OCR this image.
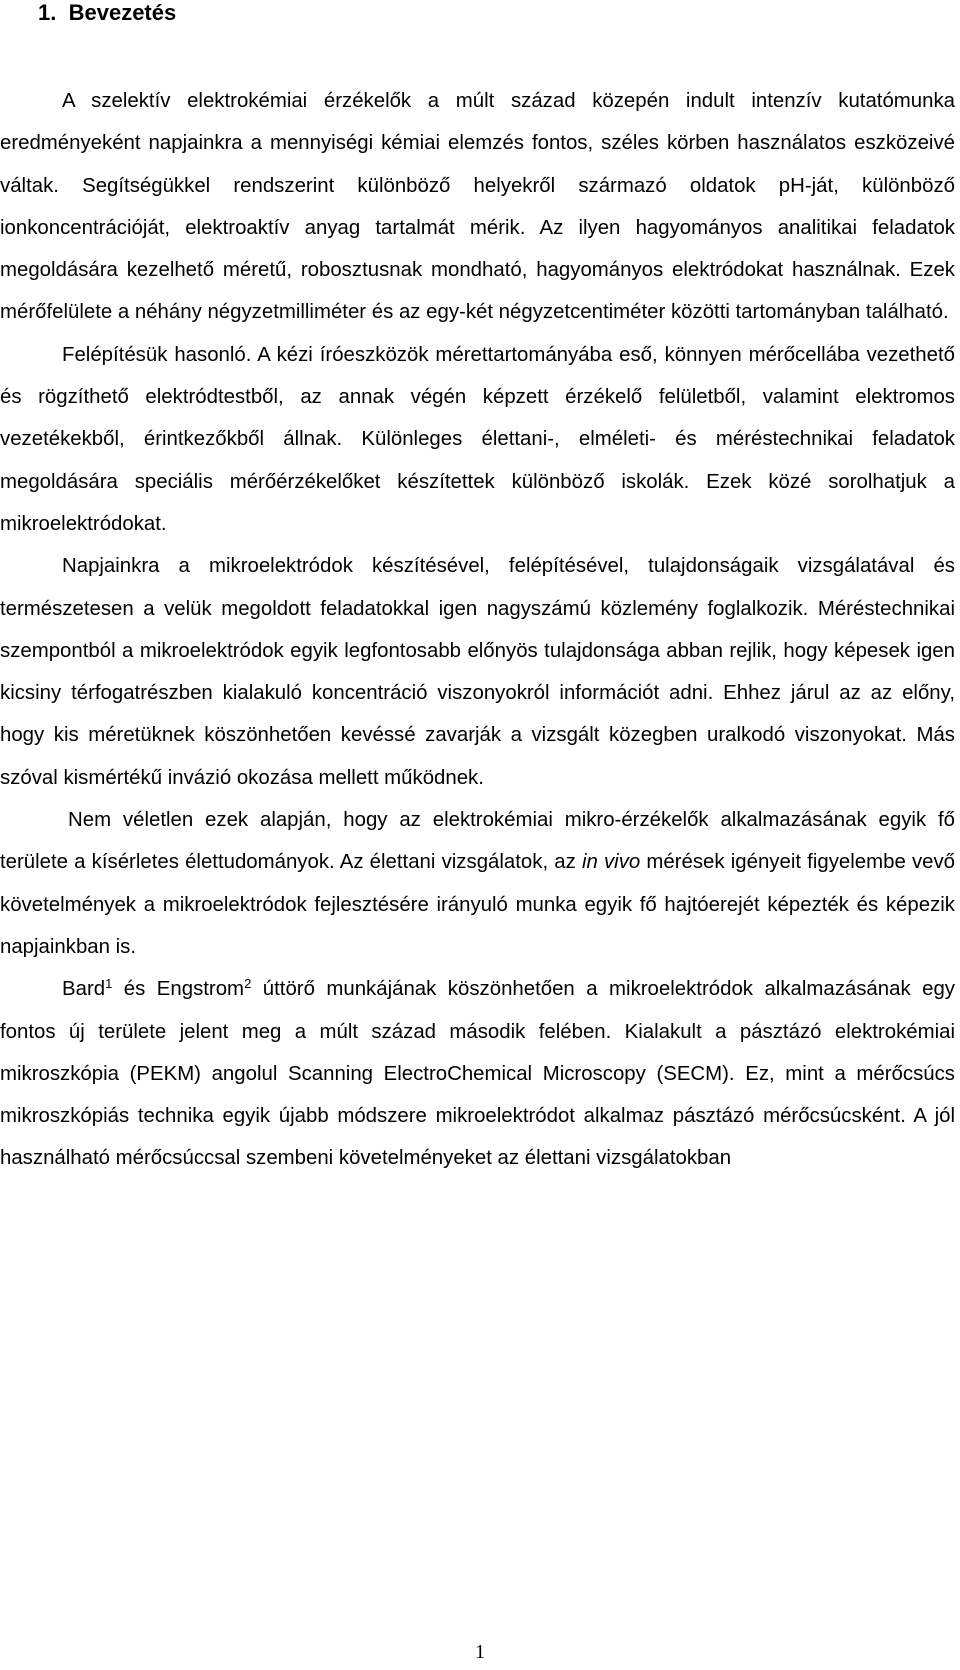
1. Bevezetés

A szelektív elektrokémiai érzékelők a múlt század közepén indult intenzív kutatómunka eredményeként napjainkra a mennyiségi kémiai elemzés fontos, széles körben használatos eszközeivé váltak. Segítségükkel rendszerint különböző helyekről származó oldatok pH-ját, különböző ionkoncentrációját, elektroaktív anyag tartalmát mérik. Az ilyen hagyományos analitikai feladatok megoldására kezelhető méretű, robosztusnak mondható, hagyományos elektródokat használnak. Ezek mérőfelülete a néhány négyzetmilliméter és az egy-két négyzetcentiméter közötti tartományban található.

Felépítésük hasonló. A kézi íróeszközök mérettartományába eső, könnyen mérőcellába vezethető és rögzíthető elektródtestből, az annak végén képzett érzékelő felületből, valamint elektromos vezetékekből, érintkezőkből állnak. Különleges élettani-, elméleti- és méréstechnikai feladatok megoldására speciális mérőérzékelőket készítettek különböző iskolák. Ezek közé sorolhatjuk a mikroelektródokat.

Napjainkra a mikroelektródok készítésével, felépítésével, tulajdonságaik vizsgálatával és természetesen a velük megoldott feladatokkal igen nagyszámú közlemény foglalkozik. Méréstechnikai szempontból a mikroelektródok egyik legfontosabb előnyös tulajdonsága abban rejlik, hogy képesek igen kicsiny térfogatrészben kialakuló koncentráció viszonyokról információt adni. Ehhez járul az az előny, hogy kis méretüknek köszönhetően kevéssé zavarják a vizsgált közegben uralkodó viszonyokat. Más szóval kismértékű invázió okozása mellett működnek.

Nem véletlen ezek alapján, hogy az elektrokémiai mikro-érzékelők alkalmazásának egyik fő területe a kísérletes élettudományok. Az élettani vizsgálatok, az in vivo mérések igényeit figyelembe vevő követelmények a mikroelektródok fejlesztésére irányuló munka egyik fő hajtóerejét képezték és képezik napjainkban is.

Bard$^1$ és Engstrom$^2$ úttörő munkájának köszönhetően a mikroelektródok alkalmazásának egy fontos új területe jelent meg a múlt század második felében. Kialakult a pásztázó elektrokémiai mikroszkópia (PEKM) angolul Scanning ElectroChemical Microscopy (SECM). Ez, mint a mérőcsúcs mikroszkópiás technika egyik újabb módszere mikroelektródot alkalmaz pásztázó mérőcsúcsként. A jól használható mérőcsúccsal szembeni követelményeket az élettani vizsgálatokban

1
